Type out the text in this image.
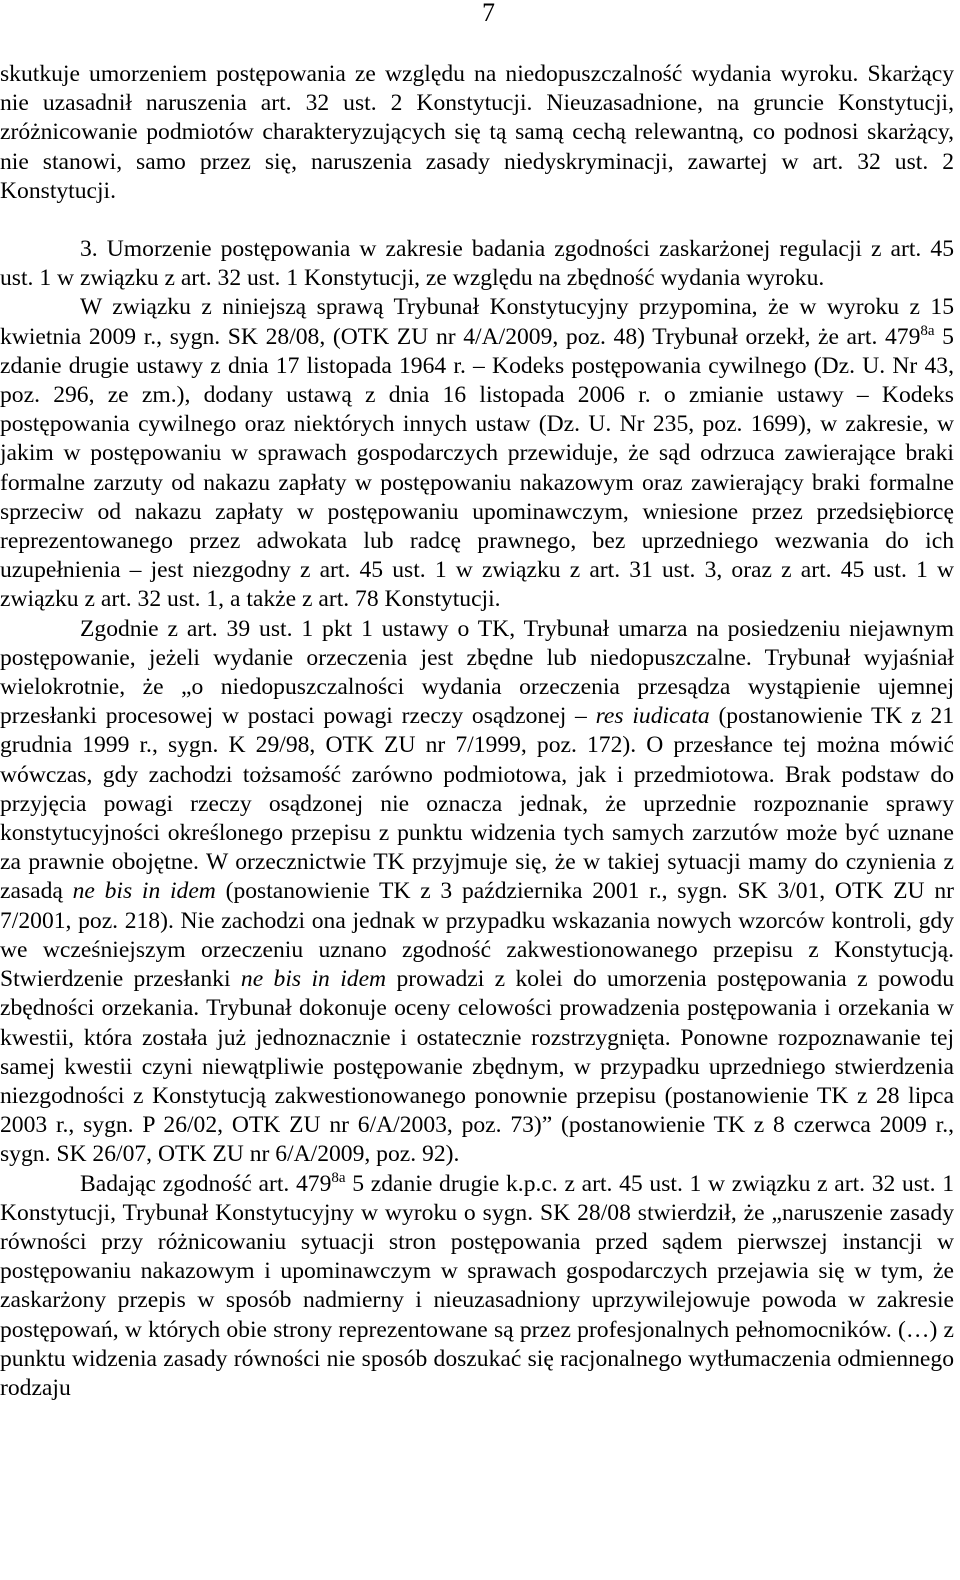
7

skutkuje umorzeniem postępowania ze względu na niedopuszczalność wydania wyroku. Skarżący nie uzasadnił naruszenia art. 32 ust. 2 Konstytucji. Nieuzasadnione, na gruncie Konstytucji, zróżnicowanie podmiotów charakteryzujących się tą samą cechą relewantną, co podnosi skarżący, nie stanowi, samo przez się, naruszenia zasady niedyskryminacji, zawartej w art. 32 ust. 2 Konstytucji.

3. Umorzenie postępowania w zakresie badania zgodności zaskarżonej regulacji z art. 45 ust. 1 w związku z art. 32 ust. 1 Konstytucji, ze względu na zbędność wydania wyroku.

W związku z niniejszą sprawą Trybunał Konstytucyjny przypomina, że w wyroku z 15 kwietnia 2009 r., sygn. SK 28/08, (OTK ZU nr 4/A/2009, poz. 48) Trybunał orzekł, że art. $479^{8a}$ 5 zdanie drugie ustawy z dnia 17 listopada 1964 r. – Kodeks postępowania cywilnego (Dz. U. Nr 43, poz. 296, ze zm.), dodany ustawą z dnia 16 listopada 2006 r. o zmianie ustawy – Kodeks postępowania cywilnego oraz niektórych innych ustaw (Dz. U. Nr 235, poz. 1699), w zakresie, w jakim w postępowaniu w sprawach gospodarczych przewiduje, że sąd odrzuca zawierające braki formalne zarzuty od nakazu zapłaty w postępowaniu nakazowym oraz zawierający braki formalne sprzeciw od nakazu zapłaty w postępowaniu upominawczym, wniesione przez przedsiębiorcę reprezentowanego przez adwokata lub radcę prawnego, bez uprzedniego wezwania do ich uzupełnienia – jest niezgodny z art. 45 ust. 1 w związku z art. 31 ust. 3, oraz z art. 45 ust. 1 w związku z art. 32 ust. 1, a także z art. 78 Konstytucji.

Zgodnie z art. 39 ust. 1 pkt 1 ustawy o TK, Trybunał umarza na posiedzeniu niejawnym postępowanie, jeżeli wydanie orzeczenia jest zbędne lub niedopuszczalne. Trybunał wyjaśniał wielokrotnie, że „o niedopuszczalności wydania orzeczenia przesądza wystąpienie ujemnej przesłanki procesowej w postaci powagi rzeczy osądzonej – res iudicata (postanowienie TK z 21 grudnia 1999 r., sygn. K 29/98, OTK ZU nr 7/1999, poz. 172). O przesłance tej można mówić wówczas, gdy zachodzi tożsamość zarówno podmiotowa, jak i przedmiotowa. Brak podstaw do przyjęcia powagi rzeczy osądzonej nie oznacza jednak, że uprzednie rozpoznanie sprawy konstytucyjności określonego przepisu z punktu widzenia tych samych zarzutów może być uznane za prawnie obojętne. W orzecznictwie TK przyjmuje się, że w takiej sytuacji mamy do czynienia z zasadą ne bis in idem (postanowienie TK z 3 października 2001 r., sygn. SK 3/01, OTK ZU nr 7/2001, poz. 218). Nie zachodzi ona jednak w przypadku wskazania nowych wzorców kontroli, gdy we wcześniejszym orzeczeniu uznano zgodność zakwestionowanego przepisu z Konstytucją. Stwierdzenie przesłanki ne bis in idem prowadzi z kolei do umorzenia postępowania z powodu zbędności orzekania. Trybunał dokonuje oceny celowości prowadzenia postępowania i orzekania w kwestii, która została już jednoznacznie i ostatecznie rozstrzygnięta. Ponowne rozpoznawanie tej samej kwestii czyni niewątpliwie postępowanie zbędnym, w przypadku uprzedniego stwierdzenia niezgodności z Konstytucją zakwestionowanego ponownie przepisu (postanowienie TK z 28 lipca 2003 r., sygn. P 26/02, OTK ZU nr 6/A/2003, poz. 73)” (postanowienie TK z 8 czerwca 2009 r., sygn. SK 26/07, OTK ZU nr 6/A/2009, poz. 92).

Badając zgodność art. $479^{8a}$ 5 zdanie drugie k.p.c. z art. 45 ust. 1 w związku z art. 32 ust. 1 Konstytucji, Trybunał Konstytucyjny w wyroku o sygn. SK 28/08 stwierdził, że „naruszenie zasady równości przy różnicowaniu sytuacji stron postępowania przed sądem pierwszej instancji w postępowaniu nakazowym i upominawczym w sprawach gospodarczych przejawia się w tym, że zaskarżony przepis w sposób nadmierny i nieuzasadniony uprzywilejowuje powoda w zakresie postępowań, w których obie strony reprezentowane są przez profesjonalnych pełnomocników. (…) z punktu widzenia zasady równości nie sposób doszukać się racjonalnego wytłumaczenia odmiennego rodzaju
